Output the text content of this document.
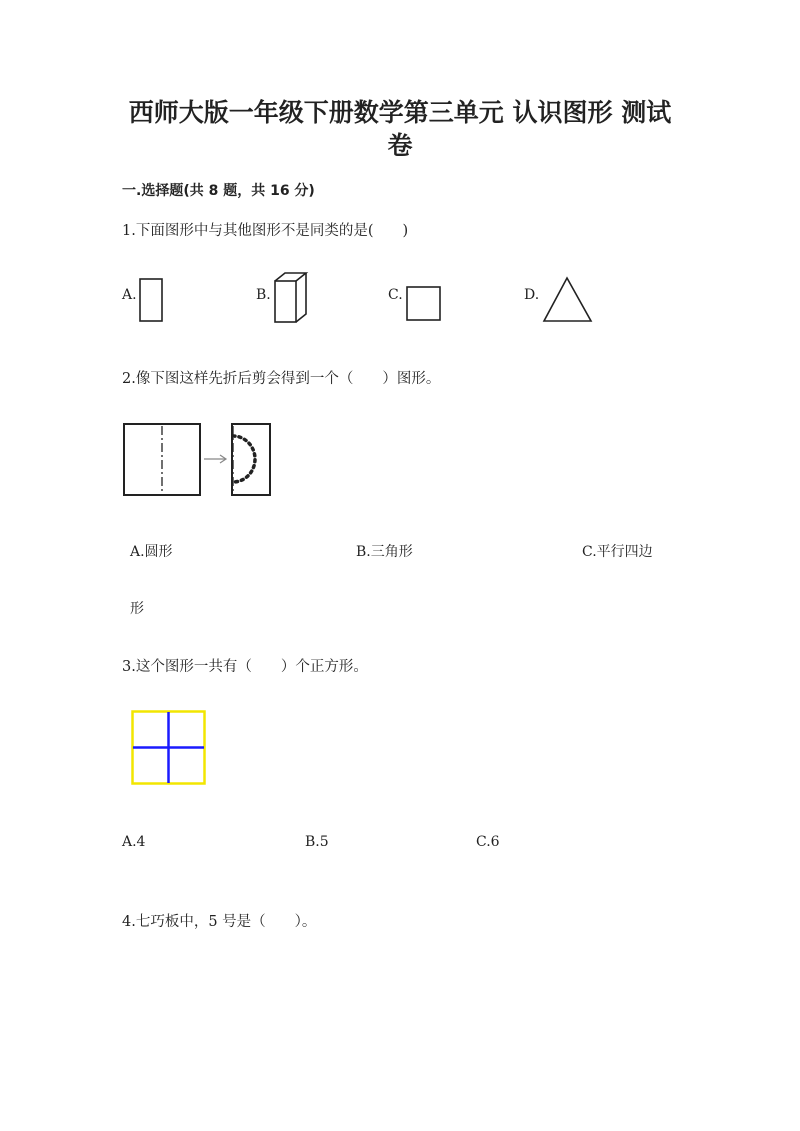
西师大版一年级下册数学第三单元 认识图形 测试
卷
一.选择题(共 8 题，共 16 分)
1.下面图形中与其他图形不是同类的是(　　)
A.	B.	C.	D.
2.像下图这样先折后剪会得到一个（　　）图形。
A.圆形	B.三角形	C.平行四边
形
3.这个图形一共有（　　）个正方形。
A.4	B.5	C.6
4.七巧板中，5 号是（　　）。
